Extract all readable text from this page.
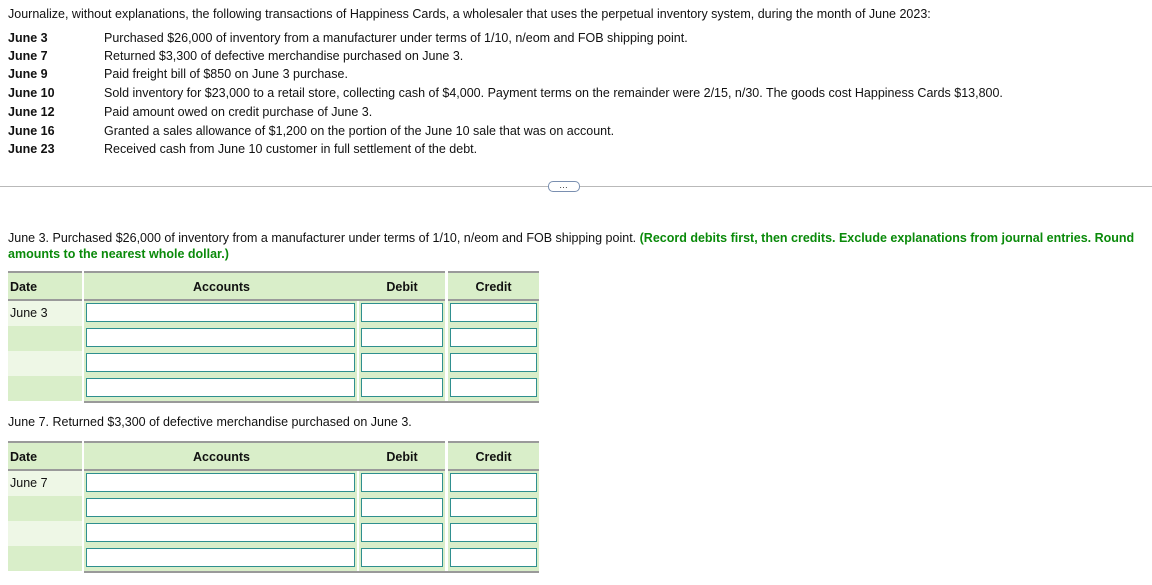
Journalize, without explanations, the following transactions of Happiness Cards, a wholesaler that uses the perpetual inventory system, during the month of June 2023:
June 3	Purchased $26,000 of inventory from a manufacturer under terms of 1/10, n/eom and FOB shipping point.
June 7	Returned $3,300 of defective merchandise purchased on June 3.
June 9	Paid freight bill of $850 on June 3 purchase.
June 10	Sold inventory for $23,000 to a retail store, collecting cash of $4,000. Payment terms on the remainder were 2/15, n/30. The goods cost Happiness Cards $13,800.
June 12	Paid amount owed on credit purchase of June 3.
June 16	Granted a sales allowance of $1,200 on the portion of the June 10 sale that was on account.
June 23	Received cash from June 10 customer in full settlement of the debt.
…
June 3. Purchased $26,000 of inventory from a manufacturer under terms of 1/10, n/eom and FOB shipping point. (Record debits first, then credits. Exclude explanations from journal entries. Round amounts to the nearest whole dollar.)
Date	Accounts	Debit	Credit
June 3
June 7. Returned $3,300 of defective merchandise purchased on June 3.
Date	Accounts	Debit	Credit
June 7
